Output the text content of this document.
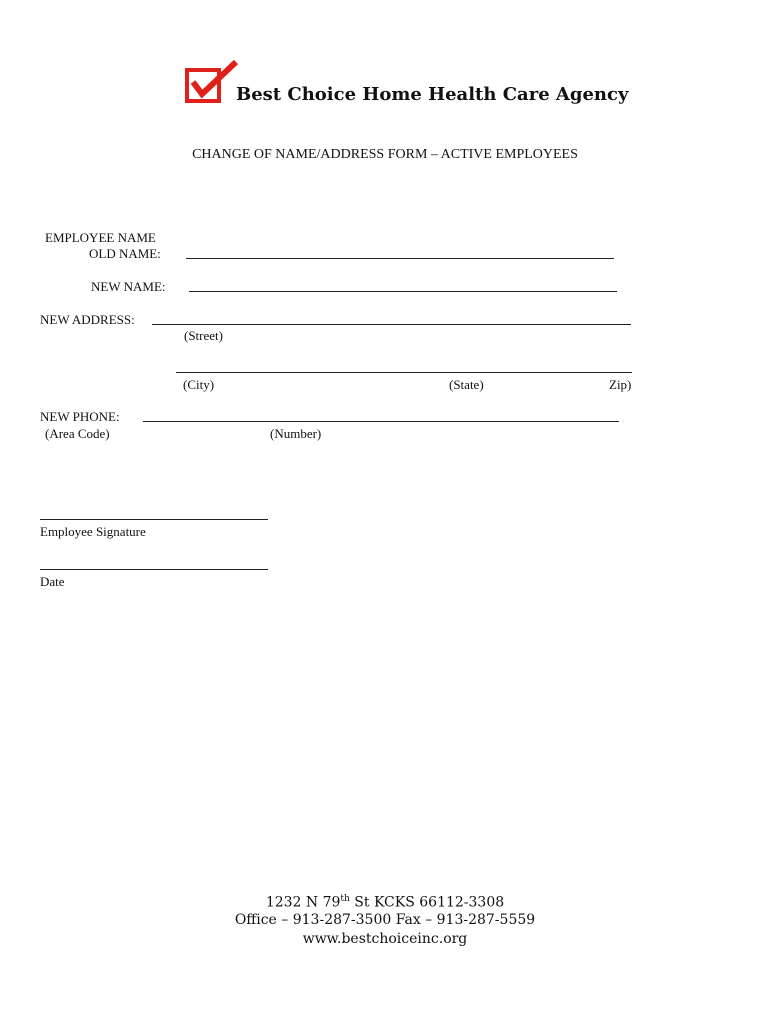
Best Choice Home Health Care Agency
CHANGE OF NAME/ADDRESS FORM – ACTIVE EMPLOYEES
EMPLOYEE NAME
OLD NAME:
NEW NAME:
NEW ADDRESS:
(Street)
(City)	(State)	Zip)
NEW PHONE:
(Area Code)	(Number)
Employee Signature
Date
1232 N 79th St KCKS 66112-3308
Office – 913-287-3500 Fax – 913-287-5559
www.bestchoiceinc.org
